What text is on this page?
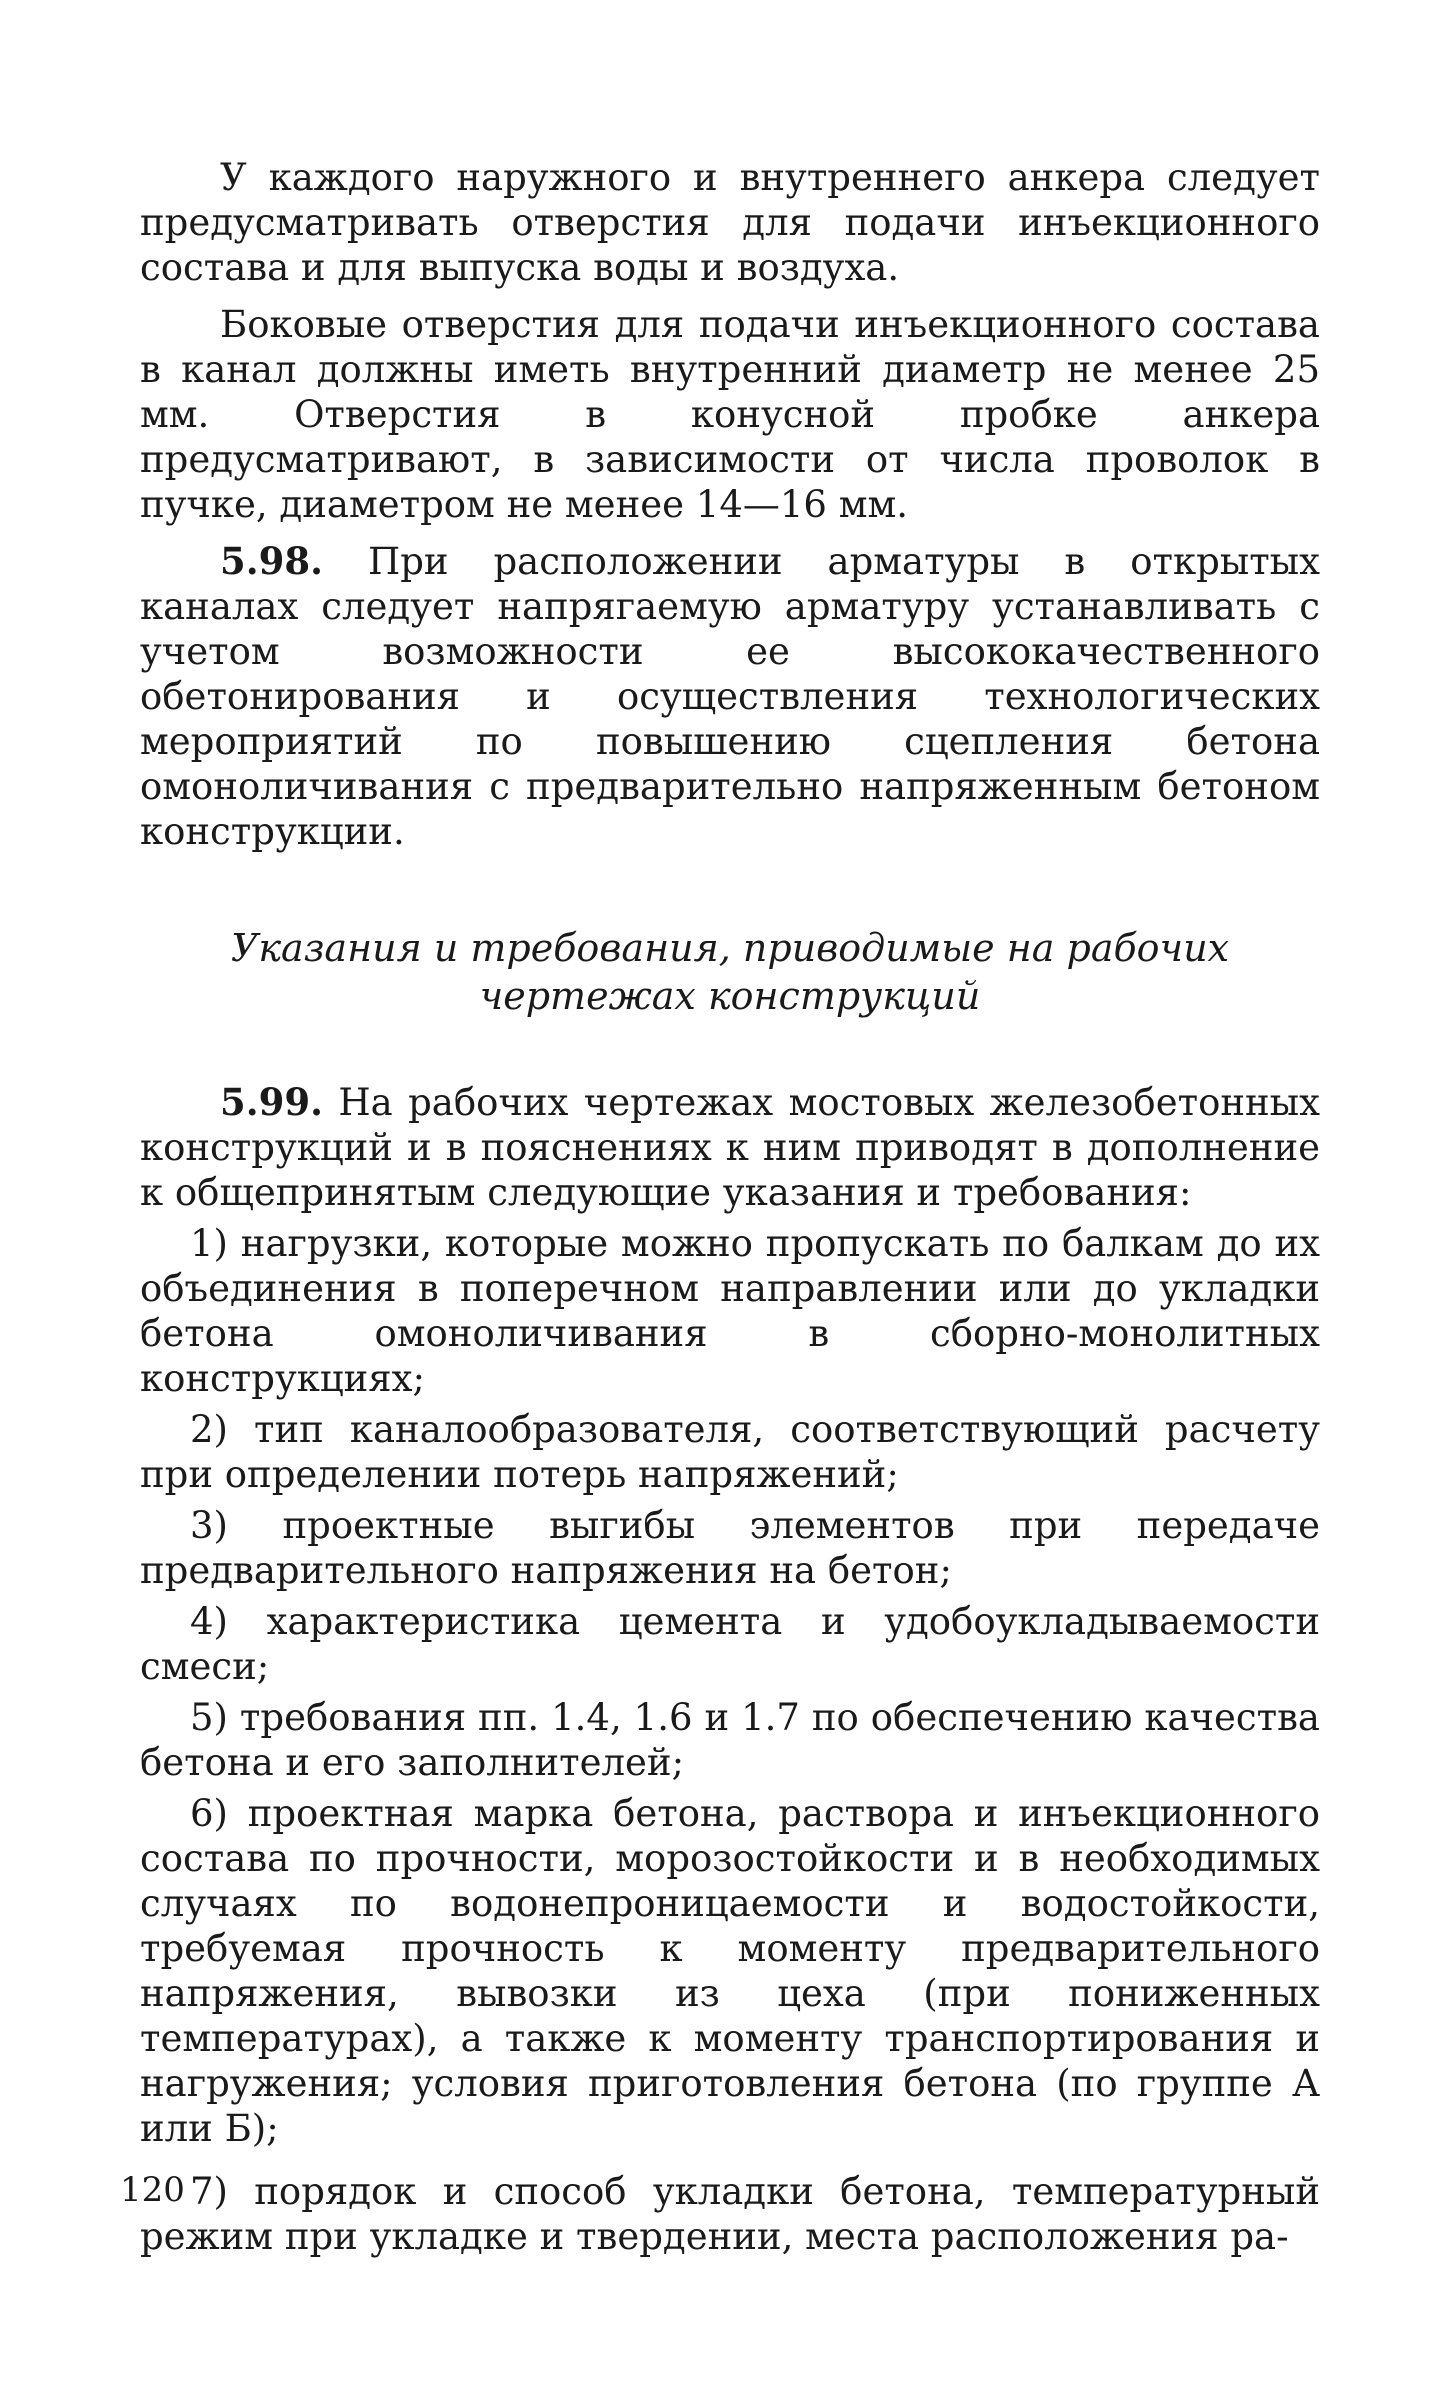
У каждого наружного и внутреннего анкера следует предусматривать отверстия для подачи инъекционного состава и для выпуска воды и воздуха.

Боковые отверстия для подачи инъекционного состава в канал должны иметь внутренний диаметр не менее 25 мм. Отверстия в конусной пробке анкера предусматривают, в зависимости от числа проволок в пучке, диаметром не менее 14—16 мм.

5.98. При расположении арматуры в открытых каналах следует напрягаемую арматуру устанавливать с учетом возможности ее высококачественного обетонирования и осуществления технологических мероприятий по повышению сцепления бетона омоноличивания с предварительно напряженным бетоном конструкции.

Указания и требования, приводимые на рабочих чертежах конструкций

5.99. На рабочих чертежах мостовых железобетонных конструкций и в пояснениях к ним приводят в дополнение к общепринятым следующие указания и требования:

1) нагрузки, которые можно пропускать по балкам до их объединения в поперечном направлении или до укладки бетона омоноличивания в сборно-монолитных конструкциях;

2) тип каналообразователя, соответствующий расчету при определении потерь напряжений;

3) проектные выгибы элементов при передаче предварительного напряжения на бетон;

4) характеристика цемента и удобоукладываемости смеси;

5) требования пп. 1.4, 1.6 и 1.7 по обеспечению качества бетона и его заполнителей;

6) проектная марка бетона, раствора и инъекционного состава по прочности, морозостойкости и в необходимых случаях по водонепроницаемости и водостойкости, требуемая прочность к моменту предварительного напряжения, вывозки из цеха (при пониженных температурах), а также к моменту транспортирования и нагружения; условия приготовления бетона (по группе А или Б);

7) порядок и способ укладки бетона, температурный режим при укладке и твердении, места расположения ра-

120
